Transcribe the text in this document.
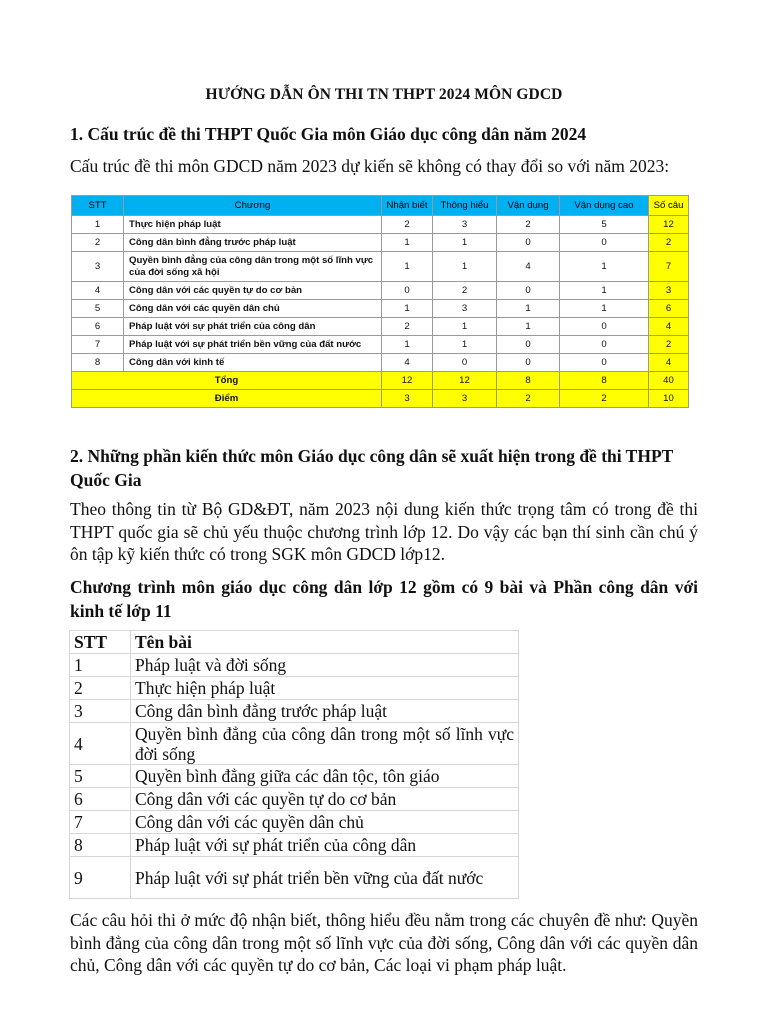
HƯỚNG DẪN ÔN THI TN THPT 2024 MÔN GDCD
1. Cấu trúc đề thi THPT Quốc Gia môn Giáo dục công dân năm 2024
Cấu trúc đề thi môn GDCD năm 2023 dự kiến sẽ không có thay đổi so với năm 2023:
STT	Chương	Nhận biết	Thông hiểu	Vận dụng	Vận dụng cao	Số câu
1	Thực hiện pháp luật	2	3	2	5	12
2	Công dân bình đẳng trước pháp luật	1	1	0	0	2
3	Quyền bình đẳng của công dân trong một số lĩnh vực của đời sống xã hội	1	1	4	1	7
4	Công dân với các quyền tự do cơ bản	0	2	0	1	3
5	Công dân với các quyền dân chủ	1	3	1	1	6
6	Pháp luật với sự phát triển của công dân	2	1	1	0	4
7	Pháp luật với sự phát triển bền vững của đất nước	1	1	0	0	2
8	Công dân với kinh tế	4	0	0	0	4
Tổng		12	12	8	8	40
Điểm		3	3	2	2	10
2. Những phần kiến thức môn Giáo dục công dân sẽ xuất hiện trong đề thi THPT Quốc Gia
Theo thông tin từ Bộ GD&ĐT, năm 2023 nội dung kiến thức trọng tâm có trong đề thi THPT quốc gia sẽ chủ yếu thuộc chương trình lớp 12. Do vậy các bạn thí sinh cần chú ý ôn tập kỹ kiến thức có trong SGK môn GDCD lớp12.
Chương trình môn giáo dục công dân lớp 12 gồm có 9 bài và Phần công dân với kinh tế lớp 11
STT	Tên bài
1	Pháp luật và đời sống
2	Thực hiện pháp luật
3	Công dân bình đẳng trước pháp luật
4	Quyền bình đẳng của công dân trong một số lĩnh vực đời sống
5	Quyền bình đẳng giữa các dân tộc, tôn giáo
6	Công dân với các quyền tự do cơ bản
7	Công dân với các quyền dân chủ
8	Pháp luật với sự phát triển của công dân
9	Pháp luật với sự phát triển bền vững của đất nước
Các câu hỏi thi ở mức độ nhận biết, thông hiểu đều nằm trong các chuyên đề như: Quyền bình đẳng của công dân trong một số lĩnh vực của đời sống, Công dân với các quyền dân chủ, Công dân với các quyền tự do cơ bản, Các loại vi phạm pháp luật.
